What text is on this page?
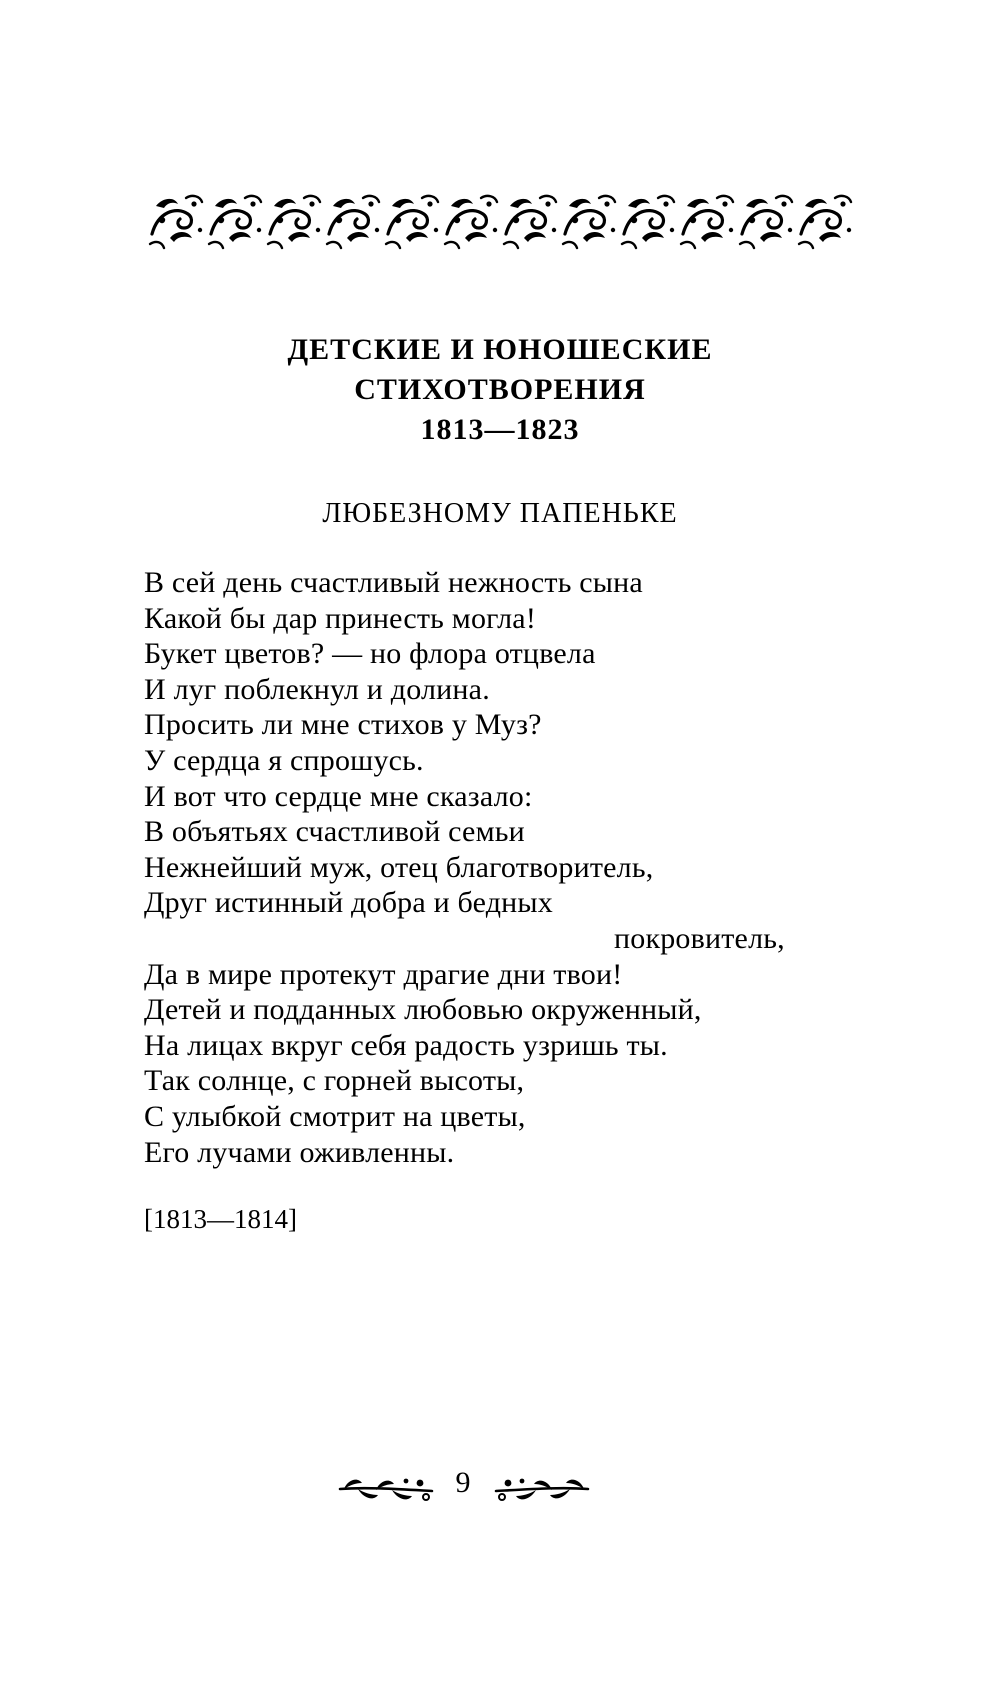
ДЕТСКИЕ И ЮНОШЕСКИЕ
СТИХОТВОРЕНИЯ
1813—1823
ЛЮБЕЗНОМУ ПАПЕНЬКЕ
В сей день счастливый нежность сына
Какой бы дар принесть могла!
Букет цветов? — но флора отцвела
И луг поблекнул и долина.
Просить ли мне стихов у Муз?
У сердца я спрошусь.
И вот что сердце мне сказало:
В объятьях счастливой семьи
Нежнейший муж, отец благотворитель,
Друг истинный добра и бедных
покровитель,
Да в мире протекут драгие дни твои!
Детей и подданных любовью окруженный,
На лицах вкруг себя радость узришь ты.
Так солнце, с горней высоты,
С улыбкой смотрит на цветы,
Его лучами оживленны.
[1813—1814]
9
